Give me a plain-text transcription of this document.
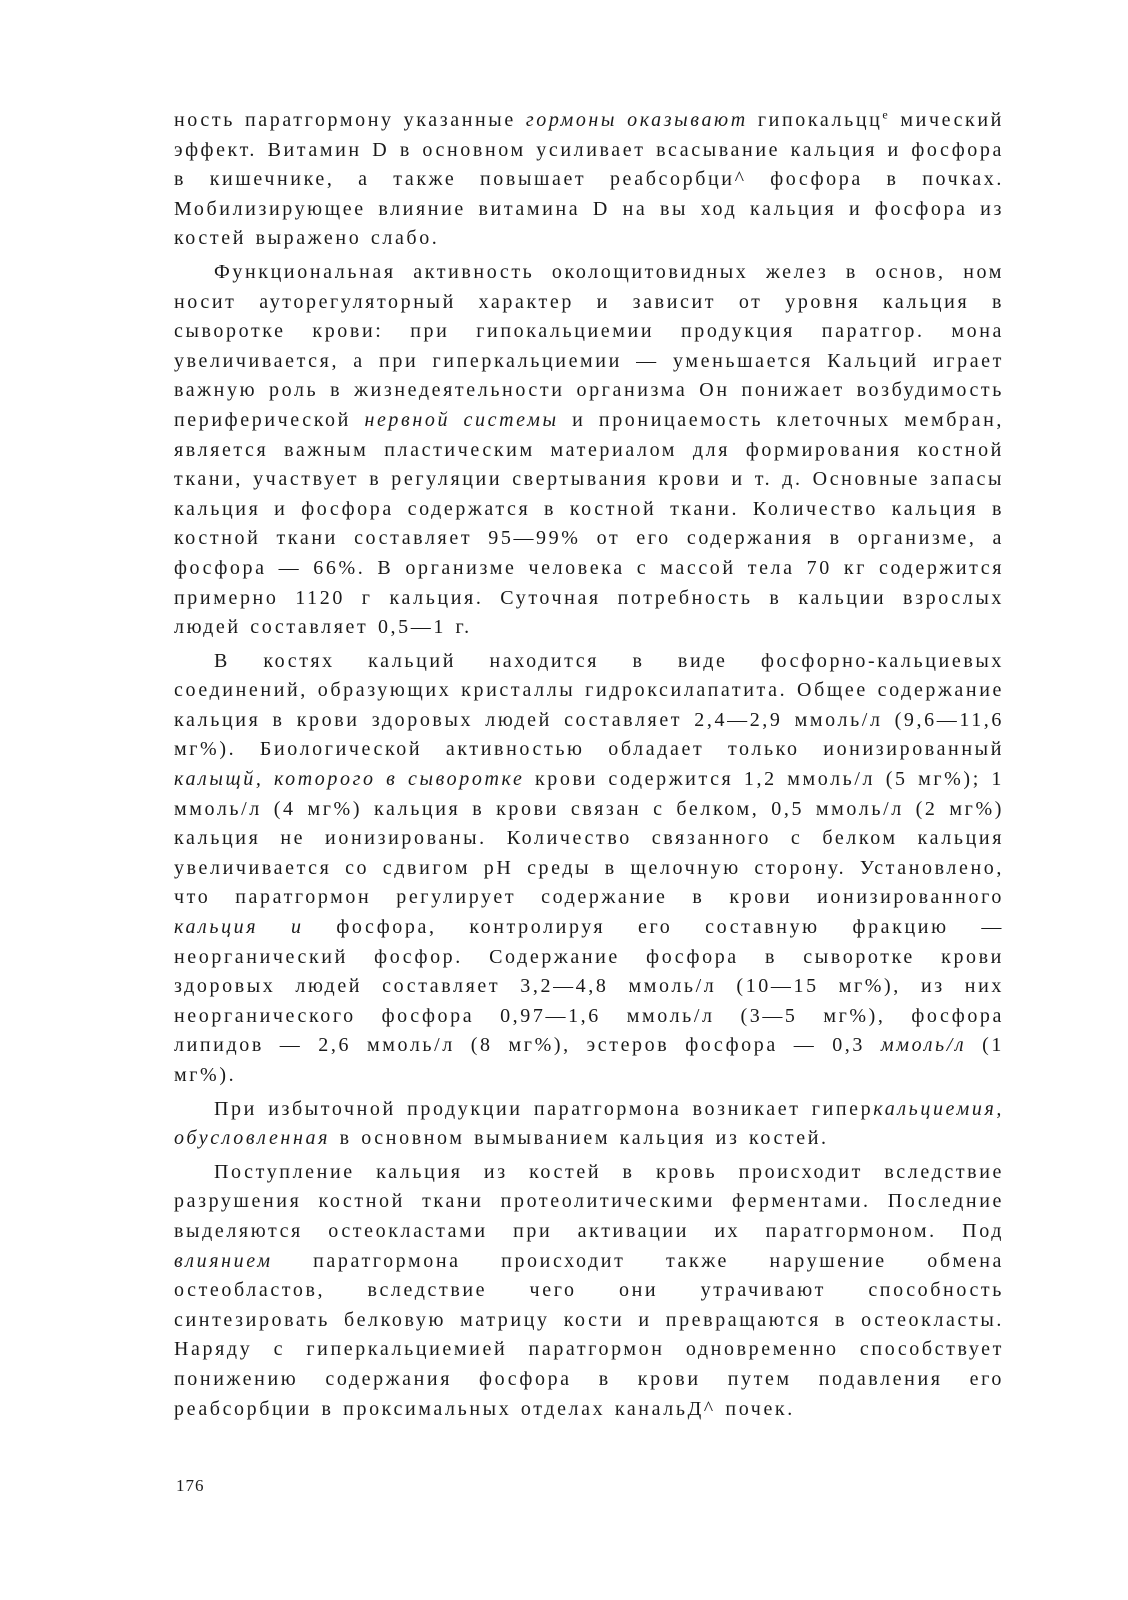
ность паратгормону указанные гормоны оказывают гипокальцц$^е$ мический эффект. Витамин D в основном усиливает всасывание кальция и фосфора в кишечнике, а также повышает реабсорбци^ фосфора в почках. Мобилизирующее влияние витамина D на вы ход кальция и фосфора из костей выражено слабо.

Функциональная активность околощитовидных желез в основ, ном носит ауторегуляторный характер и зависит от уровня кальция в сыворотке крови: при гипокальциемии продукция паратгор. мона увеличивается, а при гиперкальциемии — уменьшается Кальций играет важную роль в жизнедеятельности организма Он понижает возбудимость периферической нервной системы и проницаемость клеточных мембран, является важным пластическим материалом для формирования костной ткани, участвует в регуляции свертывания крови и т. д. Основные запасы кальция и фосфора содержатся в костной ткани. Количество кальция в костной ткани составляет 95—99% от его содержания в организме, а фосфора — 66%. В организме человека с массой тела 70 кг содержится примерно 1120 г кальция. Суточная потребность в кальции взрослых людей составляет 0,5—1 г.

В костях кальций находится в виде фосфорно-кальциевых соединений, образующих кристаллы гидроксилапатита. Общее содержание кальция в крови здоровых людей составляет 2,4—2,9 ммоль/л (9,6—11,6 мг%). Биологической активностью обладает только ионизированный калыщй, которого в сыворотке крови содержится 1,2 ммоль/л (5 мг%); 1 ммоль/л (4 мг%) кальция в крови связан с белком, 0,5 ммоль/л (2 мг%) кальция не ионизированы. Количество связанного с белком кальция увеличивается со сдвигом pH среды в щелочную сторону. Установлено, что паратгормон регулирует содержание в крови ионизированного кальция и фосфора, контролируя его составную фракцию — неорганический фосфор. Содержание фосфора в сыворотке крови здоровых людей составляет 3,2—4,8 ммоль/л (10—15 мг%), из них неорганического фосфора 0,97—1,6 ммоль/л (3—5 мг%), фосфора липидов — 2,6 ммоль/л (8 мг%), эстеров фосфора — 0,3 ммоль/л (1 мг%).

При избыточной продукции паратгормона возникает гиперкальциемия, обусловленная в основном вымыванием кальция из костей.

Поступление кальция из костей в кровь происходит вследствие разрушения костной ткани протеолитическими ферментами. Последние выделяются остеокластами при активации их паратгормоном. Под влиянием паратгормона происходит также нарушение обмена остеобластов, вследствие чего они утрачивают способность синтезировать белковую матрицу кости и превращаются в остеокласты. Наряду с гиперкальциемией паратгормон одновременно способствует понижению содержания фосфора в крови путем подавления его реабсорбции в проксимальных отделах канальД^ почек.

176
